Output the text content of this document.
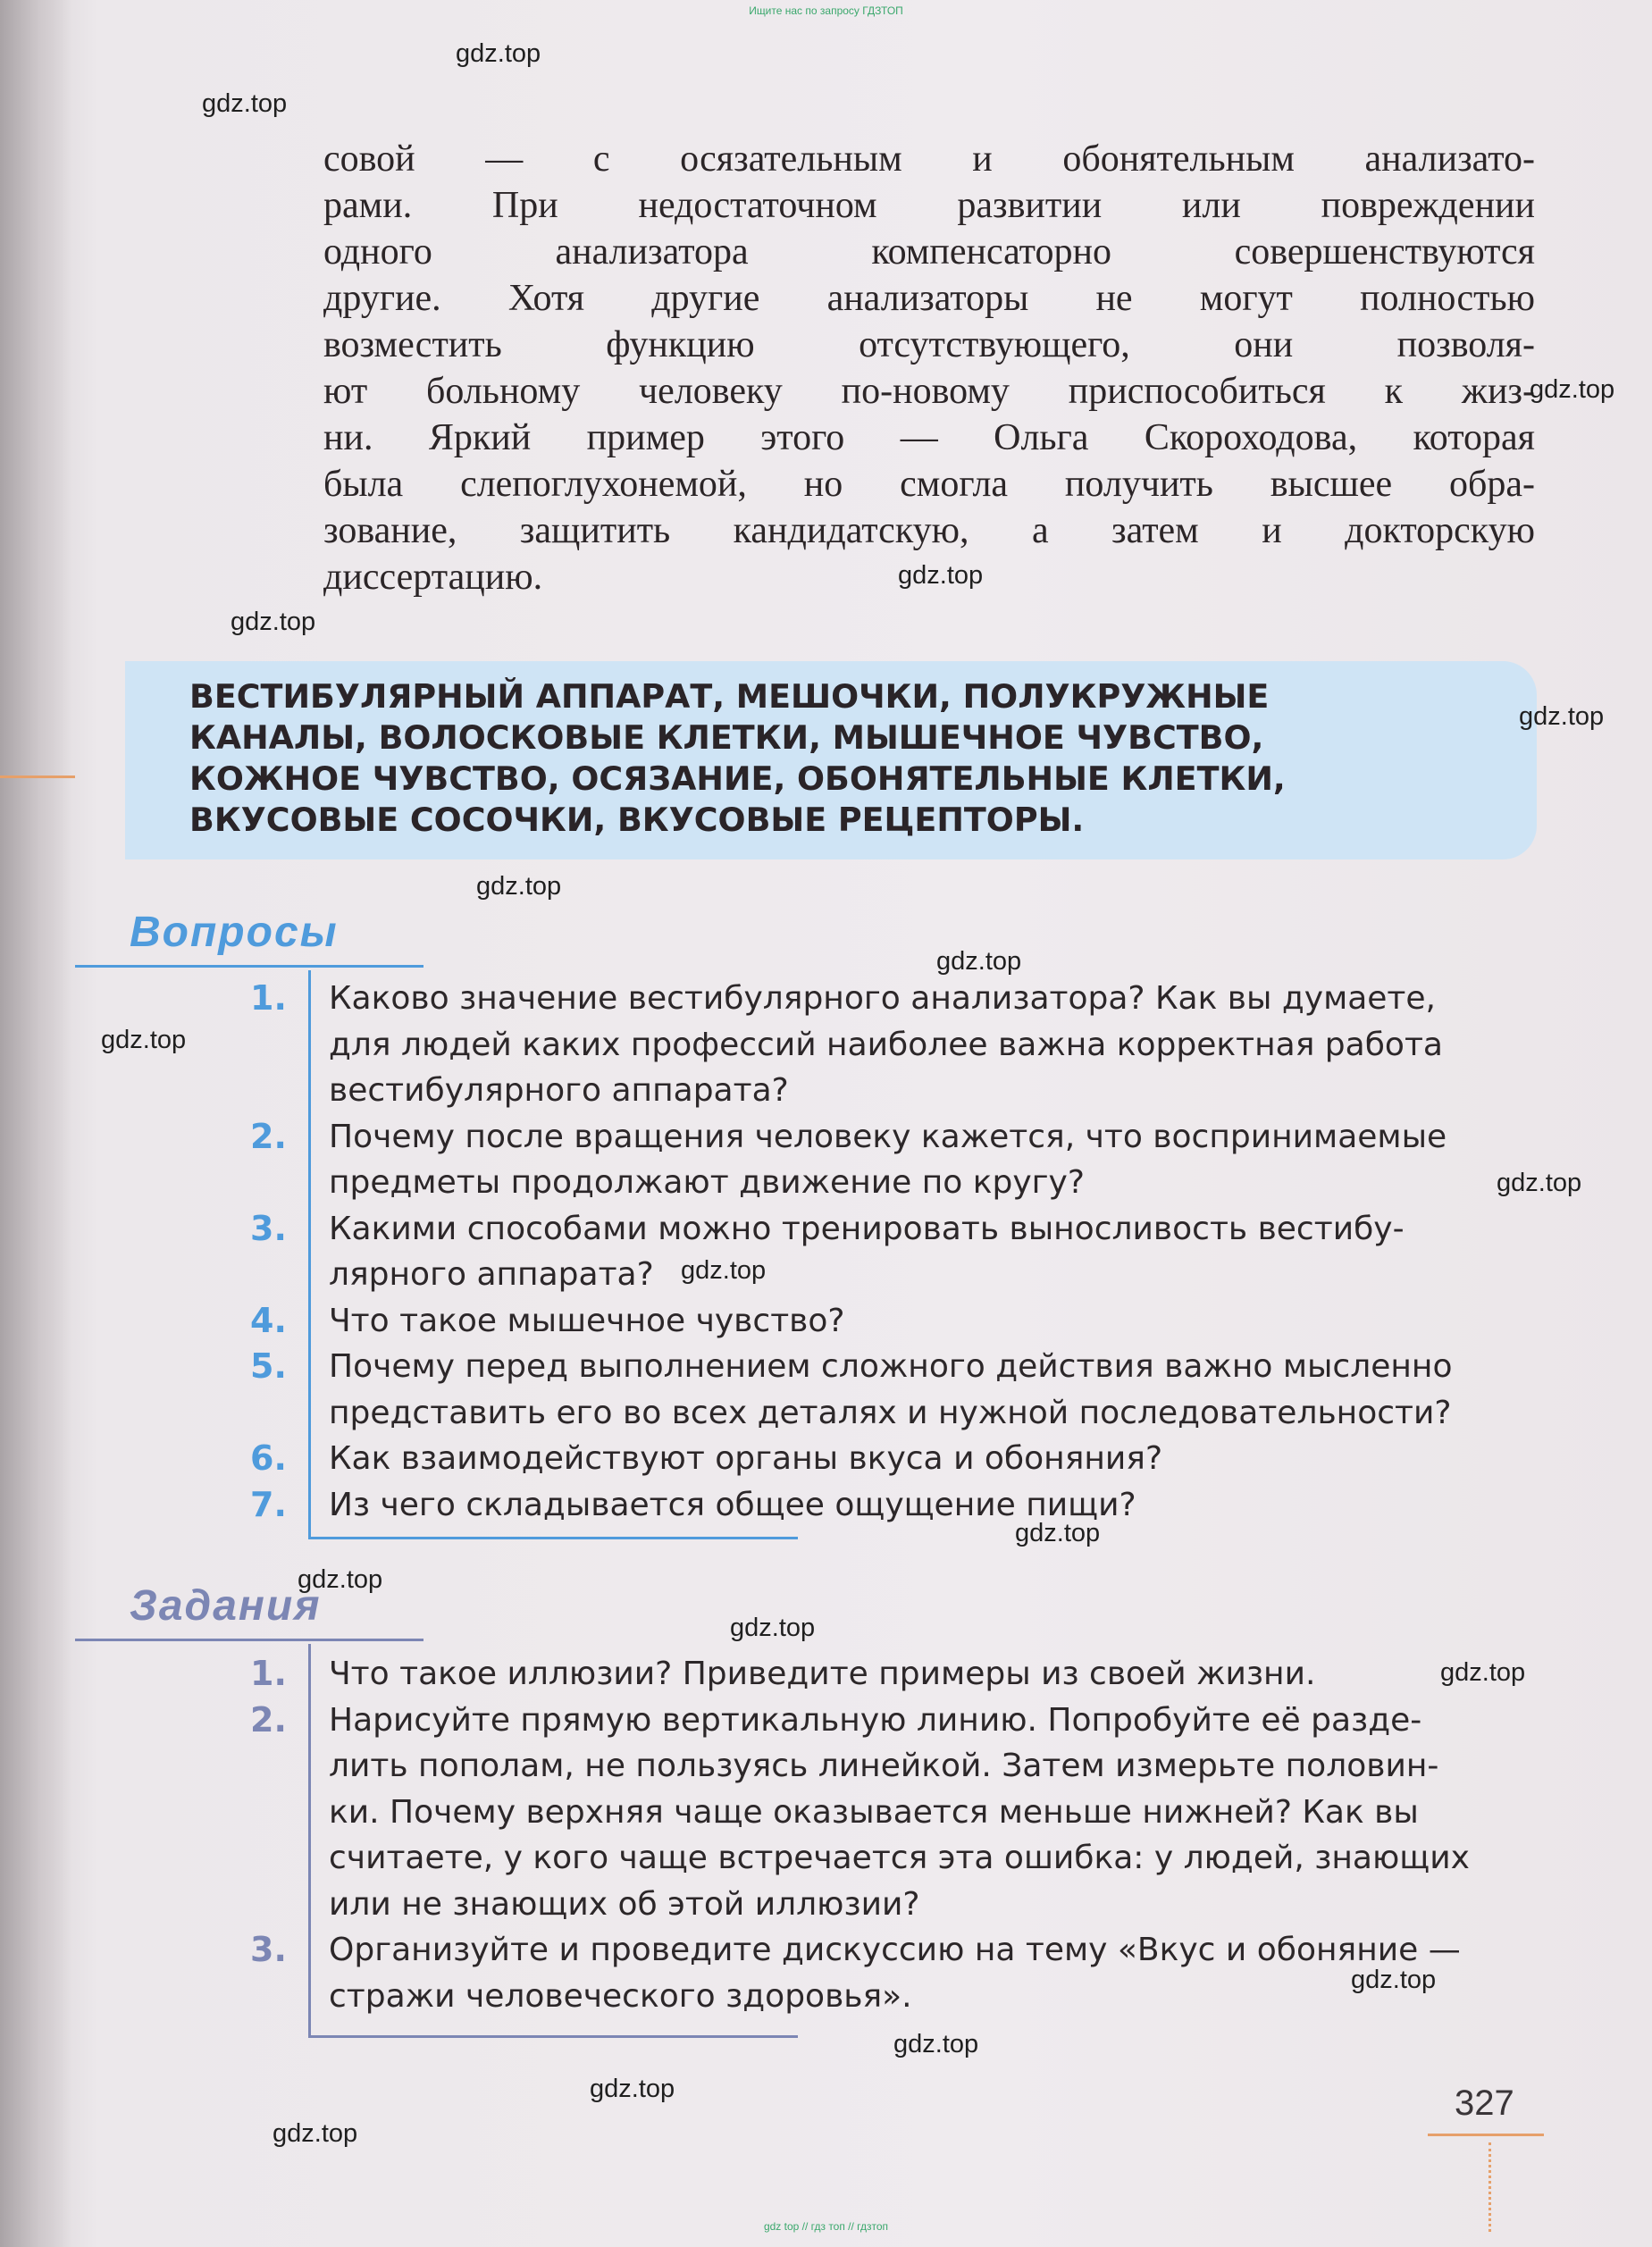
Ищите нас по запросу ГДЗТОП
совой — с осязательным и обонятельным анализато-
рами. При недостаточном развитии или повреждении
одного анализатора компенсаторно совершенствуются
другие. Хотя другие анализаторы не могут полностью
возместить функцию отсутствующего, они позволя-
ют больному человеку по-новому приспособиться к жиз-
ни. Яркий пример этого — Ольга Скороходова, которая
была слепоглухонемой, но смогла получить высшее обра-
зование, защитить кандидатскую, а затем и докторскую
диссертацию.
ВЕСТИБУЛЯРНЫЙ АППАРАТ, МЕШОЧКИ, ПОЛУКРУЖНЫЕ
КАНАЛЫ, ВОЛОСКОВЫЕ КЛЕТКИ, МЫШЕЧНОЕ ЧУВСТВО,
КОЖНОЕ ЧУВСТВО, ОСЯЗАНИЕ, ОБОНЯТЕЛЬНЫЕ КЛЕТКИ,
ВКУСОВЫЕ СОСОЧКИ, ВКУСОВЫЕ РЕЦЕПТОРЫ.
Вопросы
1. Каково значение вестибулярного анализатора? Как вы думаете,
для людей каких профессий наиболее важна корректная работа
вестибулярного аппарата?
2. Почему после вращения человеку кажется, что воспринимаемые
предметы продолжают движение по кругу?
3. Какими способами можно тренировать выносливость вестибу-
лярного аппарата?
4. Что такое мышечное чувство?
5. Почему перед выполнением сложного действия важно мысленно
представить его во всех деталях и нужной последовательности?
6. Как взаимодействуют органы вкуса и обоняния?
7. Из чего складывается общее ощущение пищи?
Задания
1. Что такое иллюзии? Приведите примеры из своей жизни.
2. Нарисуйте прямую вертикальную линию. Попробуйте её разде-
лить пополам, не пользуясь линейкой. Затем измерьте половин-
ки. Почему верхняя чаще оказывается меньше нижней? Как вы
считаете, у кого чаще встречается эта ошибка: у людей, знающих
или не знающих об этой иллюзии?
3. Организуйте и проведите дискуссию на тему «Вкус и обоняние —
стражи человеческого здоровья».
327
gdz top // гдз топ // гдзтоп
gdz.top
gdz.top
gdz.top
gdz.top
gdz.top
gdz.top
gdz.top
gdz.top
gdz.top
gdz.top
gdz.top
gdz.top
gdz.top
gdz.top
gdz.top
gdz.top
gdz.top
gdz.top
gdz.top
